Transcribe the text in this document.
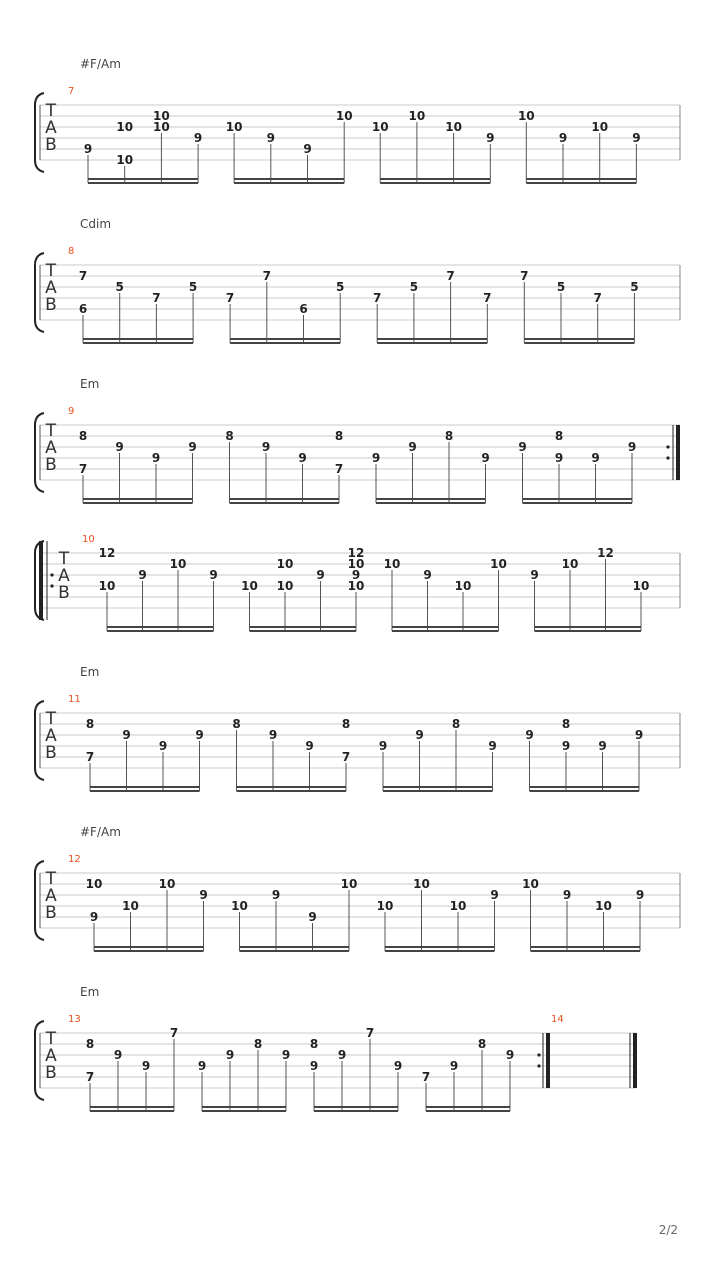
#F/Am
7
T
A
B 9
10
10
10
10
9
10
9
9
10
10
10
10
9
10
9
10
9
Cdim
8
T
A
B
7
6
5
7
5
7
7
6
5
7
5
7
7
7
5
7
5
Em
9
T
A
B
8
7
9
9
9
8
9
9
8
7
9
9
8
9
9
8
9 9
9
10
T
A
B
12
10
9
10
9
10
10
10
9
12
10
9
10
10
9
10
10
9
10
12
10
Em
11
T
A
B
8
7
9
9
9
8
9
9
8
7
9
9
8
9
9
8
9 9
9
#F/Am
12
T
A
B
10
9
10
10
9
10
9
9
10
10
10
10
9
10
9
10
9
Em
13
T
A
B
8
7
9
9
7
9
9
8
9
8
9
9
7
9
7
9
8
9
14
2/2
